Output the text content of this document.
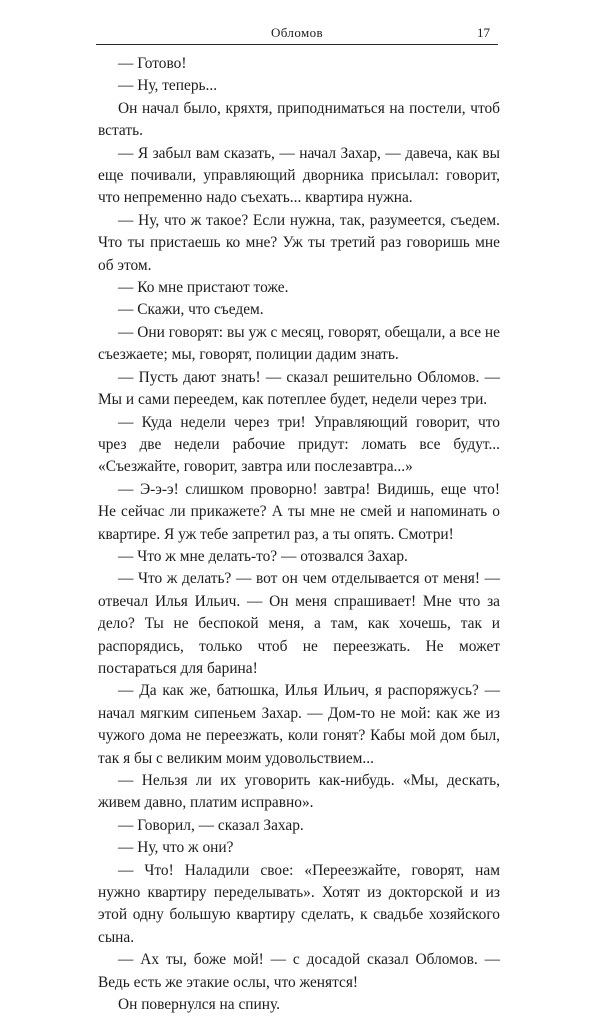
Обломов	17

— Готово!

— Ну, теперь...

Он начал было, кряхтя, приподниматься на постели, чтоб встать.

— Я забыл вам сказать, — начал Захар, — давеча, как вы еще почивали, управляющий дворника присылал: говорит, что непременно надо съехать... квартира нужна.

— Ну, что ж такое? Если нужна, так, разумеется, съедем. Что ты пристаешь ко мне? Уж ты третий раз говоришь мне об этом.

— Ко мне пристают тоже.

— Скажи, что съедем.

— Они говорят: вы уж с месяц, говорят, обещали, а все не съезжаете; мы, говорят, полиции дадим знать.

— Пусть дают знать! — сказал решительно Обломов. — Мы и сами переедем, как потеплее будет, недели через три.

— Куда недели через три! Управляющий говорит, что чрез две недели рабочие придут: ломать все будут... «Съезжайте, говорит, завтра или послезавтра...»

— Э-э-э! слишком проворно! завтра! Видишь, еще что! Не сейчас ли прикажете? А ты мне не смей и напоминать о квартире. Я уж тебе запретил раз, а ты опять. Смотри!

— Что ж мне делать-то? — отозвался Захар.

— Что ж делать? — вот он чем отделывается от меня! — отвечал Илья Ильич. — Он меня спрашивает! Мне что за дело? Ты не беспокой меня, а там, как хочешь, так и распорядись, только чтоб не переезжать. Не может постараться для барина!

— Да как же, батюшка, Илья Ильич, я распоряжусь? — начал мягким сипеньем Захар. — Дом-то не мой: как же из чужого дома не переезжать, коли гонят? Кабы мой дом был, так я бы с великим моим удовольствием...

— Нельзя ли их уговорить как-нибудь. «Мы, дескать, живем давно, платим исправно».

— Говорил, — сказал Захар.

— Ну, что ж они?

— Что! Наладили свое: «Переезжайте, говорят, нам нужно квартиру переделывать». Хотят из докторской и из этой одну большую квартиру сделать, к свадьбе хозяйского сына.

— Ах ты, боже мой! — с досадой сказал Обломов. — Ведь есть же этакие ослы, что женятся!

Он повернулся на спину.
